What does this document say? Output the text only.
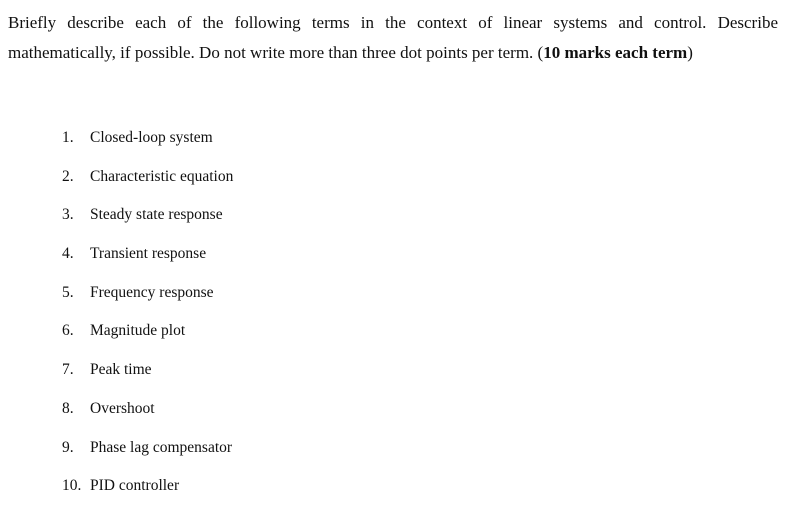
Briefly describe each of the following terms in the context of linear systems and control. Describe mathematically, if possible. Do not write more than three dot points per term. (10 marks each term)

1.	Closed-loop system
2.	Characteristic equation
3.	Steady state response
4.	Transient response
5.	Frequency response
6.	Magnitude plot
7.	Peak time
8.	Overshoot
9.	Phase lag compensator
10. PID controller
